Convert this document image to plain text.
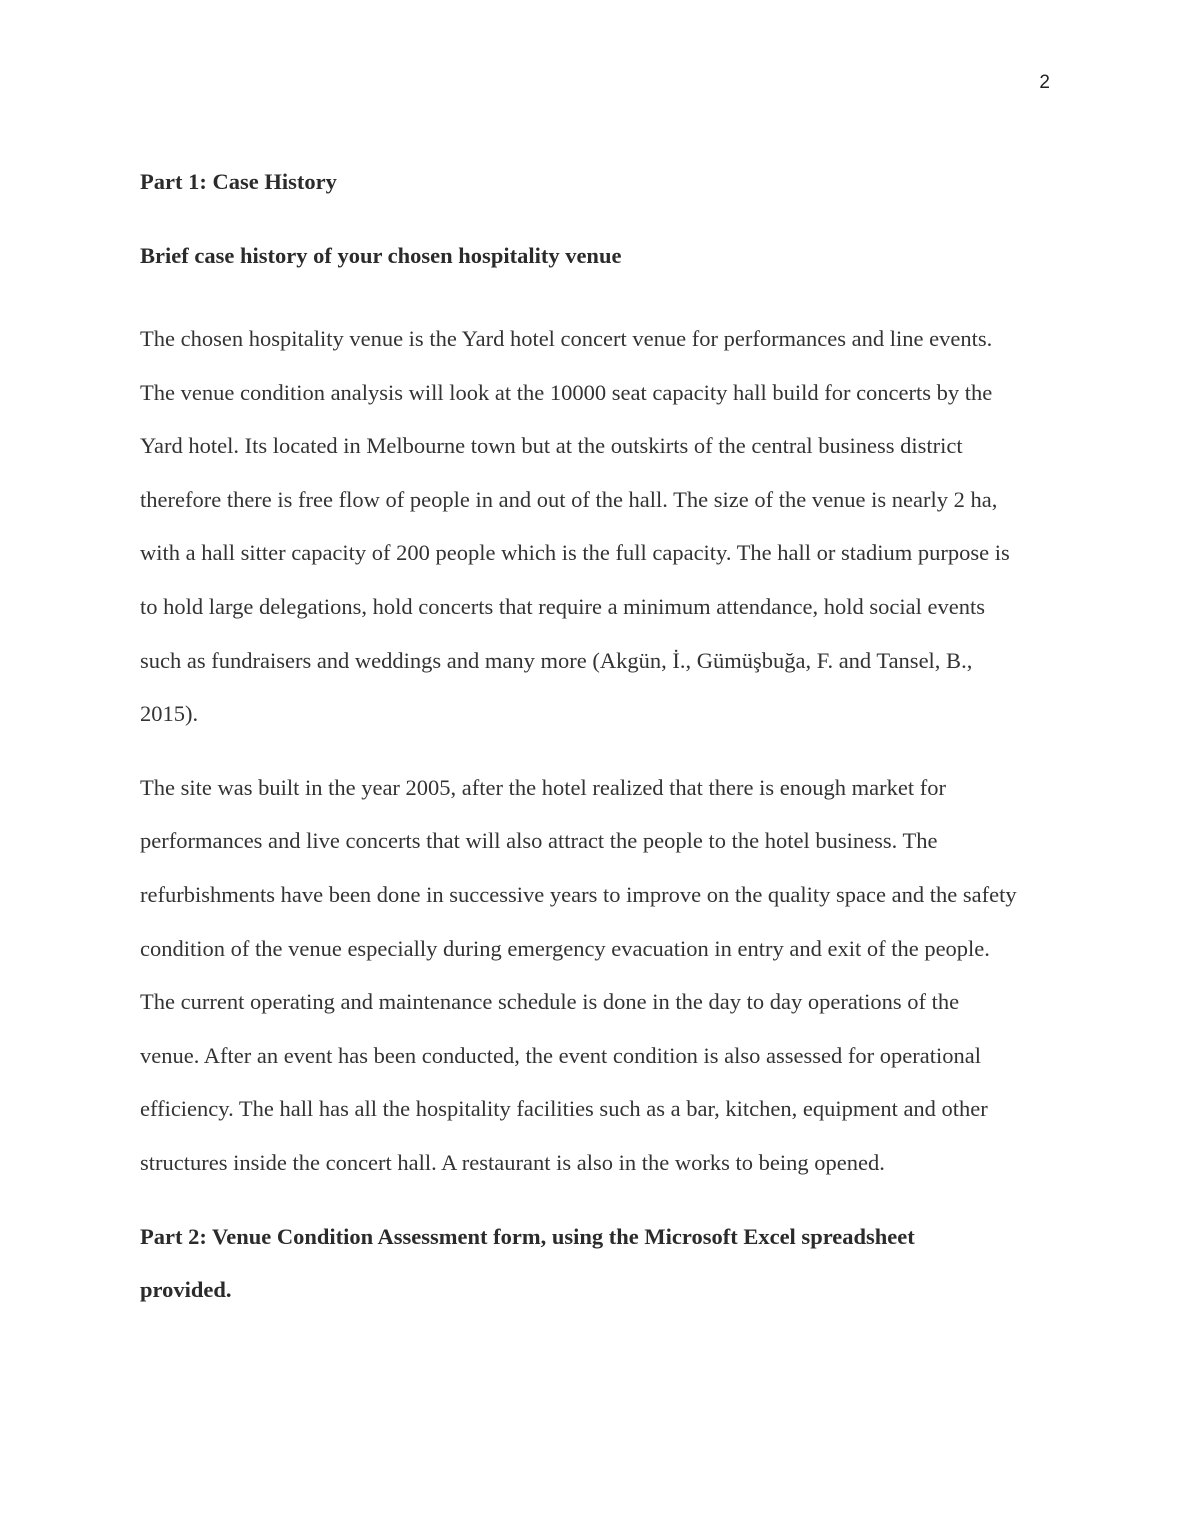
2
Part 1: Case History
Brief case history of your chosen hospitality venue
The chosen hospitality venue is the Yard hotel concert venue for performances and line events.
The venue condition analysis will look at the 10000 seat capacity hall build for concerts by the
Yard hotel. Its located in Melbourne town but at the outskirts of the central business district
therefore there is free flow of people in and out of the hall. The size of the venue is nearly 2 ha,
with a hall sitter capacity of 200 people which is the full capacity. The hall or stadium purpose is
to hold large delegations, hold concerts that require a minimum attendance, hold social events
such as fundraisers and weddings and many more (Akgün, İ., Gümüşbuğa, F. and Tansel, B.,
2015).
The site was built in the year 2005, after the hotel realized that there is enough market for
performances and live concerts that will also attract the people to the hotel business. The
refurbishments have been done in successive years to improve on the quality space and the safety
condition of the venue especially during emergency evacuation in entry and exit of the people.
The current operating and maintenance schedule is done in the day to day operations of the
venue. After an event has been conducted, the event condition is also assessed for operational
efficiency. The hall has all the hospitality facilities such as a bar, kitchen, equipment and other
structures inside the concert hall. A restaurant is also in the works to being opened.
Part 2: Venue Condition Assessment form, using the Microsoft Excel spreadsheet
provided.
